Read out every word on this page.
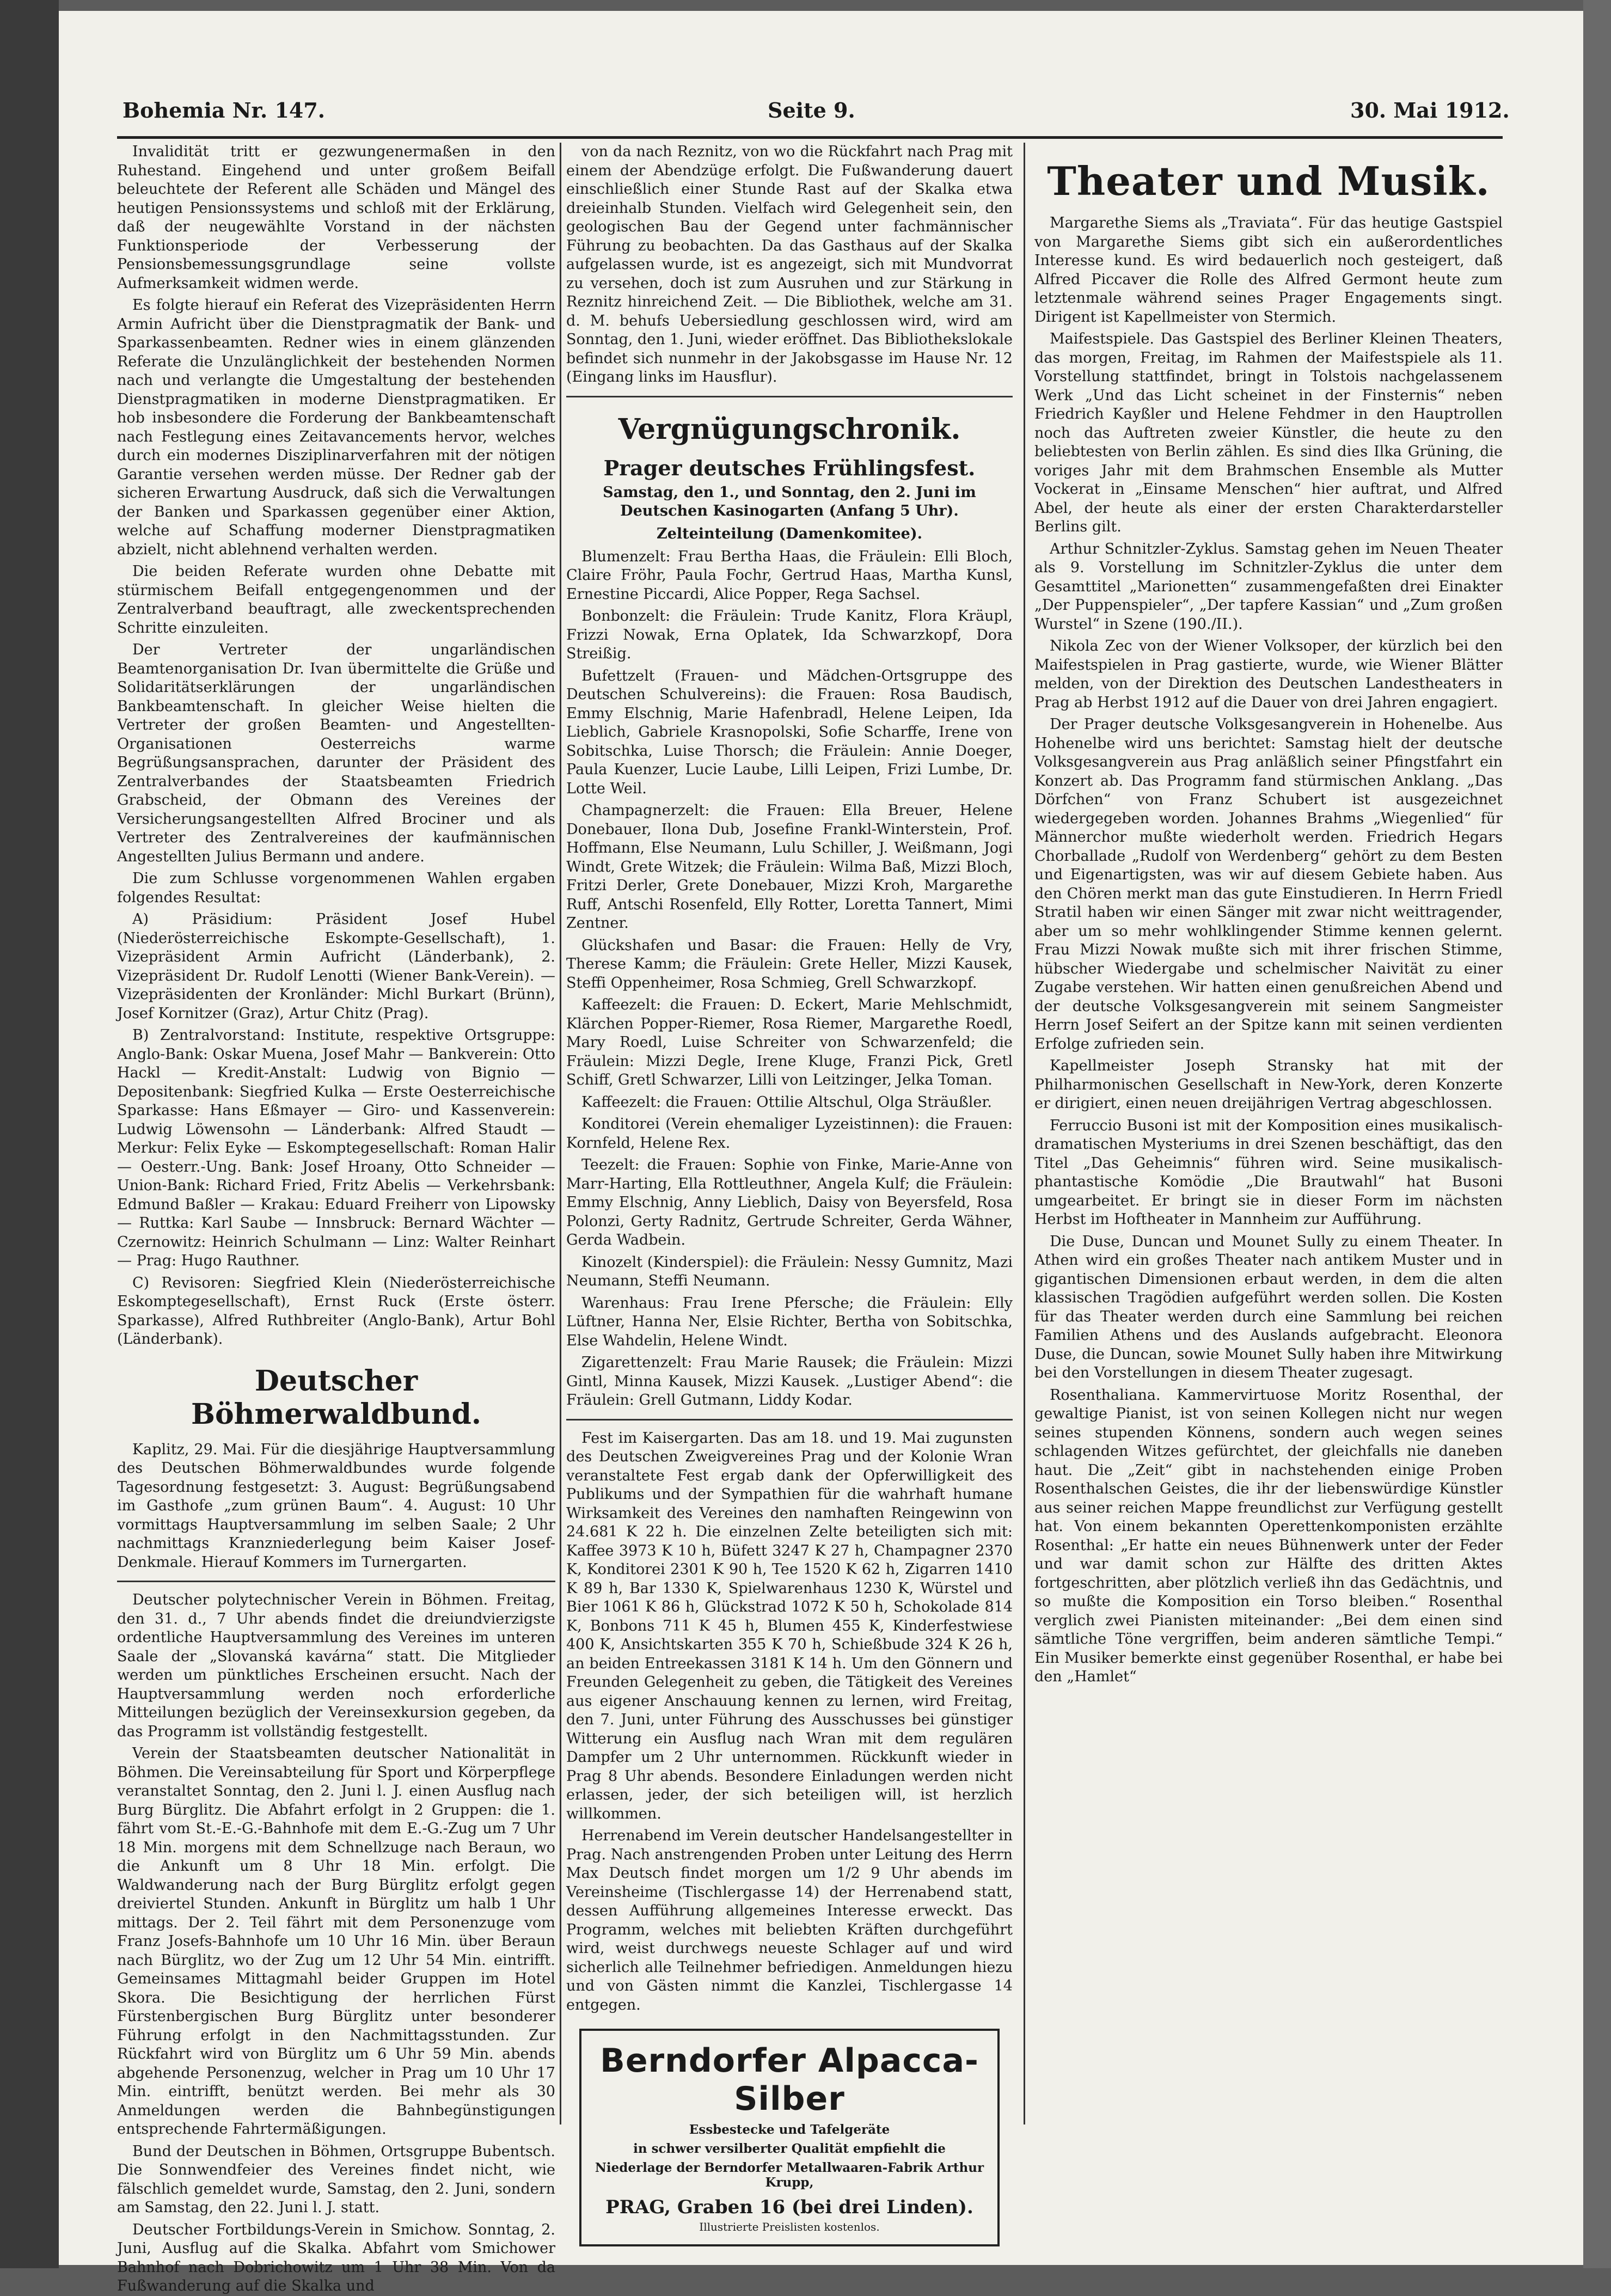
Bohemia Nr. 147.	Seite 9.	30. Mai 1912.

Invalidität tritt er gezwungenermaßen in den Ruhestand. Eingehend und unter großem Beifall beleuchtete der Referent alle Schäden und Mängel des heutigen Pensionssystems und schloß mit der Erklärung, daß der neugewählte Vorstand in der nächsten Funktionsperiode der Verbesserung der Pensionsbemessungsgrundlage seine vollste Aufmerksamkeit widmen werde.

Es folgte hierauf ein Referat des Vizepräsidenten Herrn Armin Aufricht über die Dienstpragmatik der Bank- und Sparkassenbeamten. Redner wies in einem glänzenden Referate die Unzulänglichkeit der bestehenden Normen nach und verlangte die Umgestaltung der bestehenden Dienstpragmatiken in moderne Dienstpragmatiken. Er hob insbesondere die Forderung der Bankbeamtenschaft nach Festlegung eines Zeitavancements hervor, welches durch ein modernes Disziplinarverfahren mit der nötigen Garantie versehen werden müsse. Der Redner gab der sicheren Erwartung Ausdruck, daß sich die Verwaltungen der Banken und Sparkassen gegenüber einer Aktion, welche auf Schaffung moderner Dienstpragmatiken abzielt, nicht ablehnend verhalten werden.

Die beiden Referate wurden ohne Debatte mit stürmischem Beifall entgegengenommen und der Zentralverband beauftragt, alle zweckentsprechenden Schritte einzuleiten.

Der Vertreter der ungarländischen Beamtenorganisation Dr. Ivan übermittelte die Grüße und Solidaritätserklärungen der ungarländischen Bankbeamtenschaft. In gleicher Weise hielten die Vertreter der großen Beamten- und Angestellten-Organisationen Oesterreichs warme Begrüßungsansprachen, darunter der Präsident des Zentralverbandes der Staatsbeamten Friedrich Grabscheid, der Obmann des Vereines der Versicherungsangestellten Alfred Brociner und als Vertreter des Zentralvereines der kaufmännischen Angestellten Julius Bermann und andere.

Die zum Schlusse vorgenommenen Wahlen ergaben folgendes Resultat:

A) Präsidium: Präsident Josef Hubel (Niederösterreichische Eskompte-Gesellschaft), 1. Vizepräsident Armin Aufricht (Länderbank), 2. Vizepräsident Dr. Rudolf Lenotti (Wiener Bank-Verein). — Vizepräsidenten der Kronländer: Michl Burkart (Brünn), Josef Kornitzer (Graz), Artur Chitz (Prag).

B) Zentralvorstand: Institute, respektive Ortsgruppe: Anglo-Bank: Oskar Muena, Josef Mahr — Bankverein: Otto Hackl — Kredit-Anstalt: Ludwig von Bignio — Depositenbank: Siegfried Kulka — Erste Oesterreichische Sparkasse: Hans Eßmayer — Giro- und Kassenverein: Ludwig Löwensohn — Länderbank: Alfred Staudt — Merkur: Felix Eyke — Eskomptegesellschaft: Roman Halir — Oesterr.-Ung. Bank: Josef Hroany, Otto Schneider — Union-Bank: Richard Fried, Fritz Abelis — Verkehrsbank: Edmund Baßler — Krakau: Eduard Freiherr von Lipowsky — Ruttka: Karl Saube — Innsbruck: Bernard Wächter — Czernowitz: Heinrich Schulmann — Linz: Walter Reinhart — Prag: Hugo Rauthner.

C) Revisoren: Siegfried Klein (Niederösterreichische Eskomptegesellschaft), Ernst Ruck (Erste österr. Sparkasse), Alfred Ruthbreiter (Anglo-Bank), Artur Bohl (Länderbank).

Deutscher Böhmerwaldbund.

Kaplitz, 29. Mai. Für die diesjährige Hauptversammlung des Deutschen Böhmerwaldbundes wurde folgende Tagesordnung festgesetzt: 3. August: Begrüßungsabend im Gasthofe „zum grünen Baum“. 4. August: 10 Uhr vormittags Hauptversammlung im selben Saale; 2 Uhr nachmittags Kranzniederlegung beim Kaiser Josef-Denkmale. Hierauf Kommers im Turnergarten.

Deutscher polytechnischer Verein in Böhmen. Freitag, den 31. d., 7 Uhr abends findet die dreiundvierzigste ordentliche Hauptversammlung des Vereines im unteren Saale der „Slovanská kavárna“ statt. Die Mitglieder werden um pünktliches Erscheinen ersucht. Nach der Hauptversammlung werden noch erforderliche Mitteilungen bezüglich der Vereinsexkursion gegeben, da das Programm ist vollständig festgestellt.

Verein der Staatsbeamten deutscher Nationalität in Böhmen. Die Vereinsabteilung für Sport und Körperpflege veranstaltet Sonntag, den 2. Juni l. J. einen Ausflug nach Burg Bürglitz. Die Abfahrt erfolgt in 2 Gruppen: die 1. fährt vom St.-E.-G.-Bahnhofe mit dem E.-G.-Zug um 7 Uhr 18 Min. morgens mit dem Schnellzuge nach Beraun, wo die Ankunft um 8 Uhr 18 Min. erfolgt. Die Waldwanderung nach der Burg Bürglitz erfolgt gegen dreiviertel Stunden. Ankunft in Bürglitz um halb 1 Uhr mittags. Der 2. Teil fährt mit dem Personenzuge vom Franz Josefs-Bahnhofe um 10 Uhr 16 Min. über Beraun nach Bürglitz, wo der Zug um 12 Uhr 54 Min. eintrifft. Gemeinsames Mittagmahl beider Gruppen im Hotel Skora. Die Besichtigung der herrlichen Fürst Fürstenbergischen Burg Bürglitz unter besonderer Führung erfolgt in den Nachmittagsstunden. Zur Rückfahrt wird von Bürglitz um 6 Uhr 59 Min. abends abgehende Personenzug, welcher in Prag um 10 Uhr 17 Min. eintrifft, benützt werden. Bei mehr als 30 Anmeldungen werden die Bahnbegünstigungen entsprechende Fahrtermäßigungen.

Bund der Deutschen in Böhmen, Ortsgruppe Bubentsch. Die Sonnwendfeier des Vereines findet nicht, wie fälschlich gemeldet wurde, Samstag, den 2. Juni, sondern am Samstag, den 22. Juni l. J. statt.

Deutscher Fortbildungs-Verein in Smichow. Sonntag, 2. Juni, Ausflug auf die Skalka. Abfahrt vom Smichower Bahnhof nach Dobrichowitz um 1 Uhr 38 Min. Von da Fußwanderung auf die Skalka und

von da nach Reznitz, von wo die Rückfahrt nach Prag mit einem der Abendzüge erfolgt. Die Fußwanderung dauert einschließlich einer Stunde Rast auf der Skalka etwa dreieinhalb Stunden. Vielfach wird Gelegenheit sein, den geologischen Bau der Gegend unter fachmännischer Führung zu beobachten. Da das Gasthaus auf der Skalka aufgelassen wurde, ist es angezeigt, sich mit Mundvorrat zu versehen, doch ist zum Ausruhen und zur Stärkung in Reznitz hinreichend Zeit. — Die Bibliothek, welche am 31. d. M. behufs Uebersiedlung geschlossen wird, wird am Sonntag, den 1. Juni, wieder eröffnet. Das Bibliothekslokale befindet sich nunmehr in der Jakobsgasse im Hause Nr. 12 (Eingang links im Hausflur).

Vergnügungschronik.
Prager deutsches Frühlingsfest.
Samstag, den 1., und Sonntag, den 2. Juni im Deutschen Kasinogarten (Anfang 5 Uhr).
Zelteinteilung (Damenkomitee).

Blumenzelt: Frau Bertha Haas, die Fräulein: Elli Bloch, Claire Fröhr, Paula Fochr, Gertrud Haas, Martha Kunsl, Ernestine Piccardi, Alice Popper, Rega Sachsel.

Bonbonzelt: die Fräulein: Trude Kanitz, Flora Kräupl, Frizzi Nowak, Erna Oplatek, Ida Schwarzkopf, Dora Streißig.

Bufettzelt (Frauen- und Mädchen-Ortsgruppe des Deutschen Schulvereins): die Frauen: Rosa Baudisch, Emmy Elschnig, Marie Hafenbradl, Helene Leipen, Ida Lieblich, Gabriele Krasnopolski, Sofie Scharffe, Irene von Sobitschka, Luise Thorsch; die Fräulein: Annie Doeger, Paula Kuenzer, Lucie Laube, Lilli Leipen, Frizi Lumbe, Dr. Lotte Weil.

Champagnerzelt: die Frauen: Ella Breuer, Helene Donebauer, Ilona Dub, Josefine Frankl-Winterstein, Prof. Hoffmann, Else Neumann, Lulu Schiller, J. Weißmann, Jogi Windt, Grete Witzek; die Fräulein: Wilma Baß, Mizzi Bloch, Fritzi Derler, Grete Donebauer, Mizzi Kroh, Margarethe Ruff, Antschi Rosenfeld, Elly Rotter, Loretta Tannert, Mimi Zentner.

Glückshafen und Basar: die Frauen: Helly de Vry, Therese Kamm; die Fräulein: Grete Heller, Mizzi Kausek, Steffi Oppenheimer, Rosa Schmieg, Grell Schwarzkopf.

Kaffeezelt: die Frauen: D. Eckert, Marie Mehlschmidt, Klärchen Popper-Riemer, Rosa Riemer, Margarethe Roedl, Mary Roedl, Luise Schreiter von Schwarzenfeld; die Fräulein: Mizzi Degle, Irene Kluge, Franzi Pick, Gretl Schiff, Gretl Schwarzer, Lilli von Leitzinger, Jelka Toman.

Kaffeezelt: die Frauen: Ottilie Altschul, Olga Sträußler.

Konditorei (Verein ehemaliger Lyzeistinnen): die Frauen: Kornfeld, Helene Rex.

Teezelt: die Frauen: Sophie von Finke, Marie-Anne von Marr-Harting, Ella Rottleuthner, Angela Kulf; die Fräulein: Emmy Elschnig, Anny Lieblich, Daisy von Beyersfeld, Rosa Polonzi, Gerty Radnitz, Gertrude Schreiter, Gerda Wähner, Gerda Wadbein.

Kinozelt (Kinderspiel): die Fräulein: Nessy Gumnitz, Mazi Neumann, Steffi Neumann.

Warenhaus: Frau Irene Pfersche; die Fräulein: Elly Lüftner, Hanna Ner, Elsie Richter, Bertha von Sobitschka, Else Wahdelin, Helene Windt.

Zigarettenzelt: Frau Marie Rausek; die Fräulein: Mizzi Gintl, Minna Kausek, Mizzi Kausek. „Lustiger Abend“: die Fräulein: Grell Gutmann, Liddy Kodar.

Fest im Kaisergarten. Das am 18. und 19. Mai zugunsten des Deutschen Zweigvereines Prag und der Kolonie Wran veranstaltete Fest ergab dank der Opferwilligkeit des Publikums und der Sympathien für die wahrhaft humane Wirksamkeit des Vereines den namhaften Reingewinn von 24.681 K 22 h. Die einzelnen Zelte beteiligten sich mit: Kaffee 3973 K 10 h, Büfett 3247 K 27 h, Champagner 2370 K, Konditorei 2301 K 90 h, Tee 1520 K 62 h, Zigarren 1410 K 89 h, Bar 1330 K, Spielwarenhaus 1230 K, Würstel und Bier 1061 K 86 h, Glückstrad 1072 K 50 h, Schokolade 814 K, Bonbons 711 K 45 h, Blumen 455 K, Kinderfestwiese 400 K, Ansichtskarten 355 K 70 h, Schießbude 324 K 26 h, an beiden Entreekassen 3181 K 14 h. Um den Gönnern und Freunden Gelegenheit zu geben, die Tätigkeit des Vereines aus eigener Anschauung kennen zu lernen, wird Freitag, den 7. Juni, unter Führung des Ausschusses bei günstiger Witterung ein Ausflug nach Wran mit dem regulären Dampfer um 2 Uhr unternommen. Rückkunft wieder in Prag 8 Uhr abends. Besondere Einladungen werden nicht erlassen, jeder, der sich beteiligen will, ist herzlich willkommen.

Herrenabend im Verein deutscher Handelsangestellter in Prag. Nach anstrengenden Proben unter Leitung des Herrn Max Deutsch findet morgen um 1/2 9 Uhr abends im Vereinsheime (Tischlergasse 14) der Herrenabend statt, dessen Aufführung allgemeines Interesse erweckt. Das Programm, welches mit beliebten Kräften durchgeführt wird, weist durchwegs neueste Schlager auf und wird sicherlich alle Teilnehmer befriedigen. Anmeldungen hiezu und von Gästen nimmt die Kanzlei, Tischlergasse 14 entgegen.

Berndorfer Alpacca-Silber
Essbestecke und Tafelgeräte
in schwer versilberter Qualität empfiehlt die
Niederlage der Berndorfer Metallwaaren-Fabrik Arthur Krupp,
PRAG, Graben 16 (bei drei Linden).
Illustrierte Preislisten kostenlos.
Theater und Musik.

Margarethe Siems als „Traviata“. Für das heutige Gastspiel von Margarethe Siems gibt sich ein außerordentliches Interesse kund. Es wird bedauerlich noch gesteigert, daß Alfred Piccaver die Rolle des Alfred Germont heute zum letztenmale während seines Prager Engagements singt. Dirigent ist Kapellmeister von Stermich.

Maifestspiele. Das Gastspiel des Berliner Kleinen Theaters, das morgen, Freitag, im Rahmen der Maifestspiele als 11. Vorstellung stattfindet, bringt in Tolstois nachgelassenem Werk „Und das Licht scheinet in der Finsternis“ neben Friedrich Kayßler und Helene Fehdmer in den Hauptrollen noch das Auftreten zweier Künstler, die heute zu den beliebtesten von Berlin zählen. Es sind dies Ilka Grüning, die voriges Jahr mit dem Brahmschen Ensemble als Mutter Vockerat in „Einsame Menschen“ hier auftrat, und Alfred Abel, der heute als einer der ersten Charakterdarsteller Berlins gilt.

Arthur Schnitzler-Zyklus. Samstag gehen im Neuen Theater als 9. Vorstellung im Schnitzler-Zyklus die unter dem Gesamttitel „Marionetten“ zusammengefaßten drei Einakter „Der Puppenspieler“, „Der tapfere Kassian“ und „Zum großen Wurstel“ in Szene (190./II.).

Nikola Zec von der Wiener Volksoper, der kürzlich bei den Maifestspielen in Prag gastierte, wurde, wie Wiener Blätter melden, von der Direktion des Deutschen Landestheaters in Prag ab Herbst 1912 auf die Dauer von drei Jahren engagiert.

Der Prager deutsche Volksgesangverein in Hohenelbe. Aus Hohenelbe wird uns berichtet: Samstag hielt der deutsche Volksgesangverein aus Prag anläßlich seiner Pfingstfahrt ein Konzert ab. Das Programm fand stürmischen Anklang. „Das Dörfchen“ von Franz Schubert ist ausgezeichnet wiedergegeben worden. Johannes Brahms „Wiegenlied“ für Männerchor mußte wiederholt werden. Friedrich Hegars Chorballade „Rudolf von Werdenberg“ gehört zu dem Besten und Eigenartigsten, was wir auf diesem Gebiete haben. Aus den Chören merkt man das gute Einstudieren. In Herrn Friedl Stratil haben wir einen Sänger mit zwar nicht weittragender, aber um so mehr wohlklingender Stimme kennen gelernt. Frau Mizzi Nowak mußte sich mit ihrer frischen Stimme, hübscher Wiedergabe und schelmischer Naivität zu einer Zugabe verstehen. Wir hatten einen genußreichen Abend und der deutsche Volksgesangverein mit seinem Sangmeister Herrn Josef Seifert an der Spitze kann mit seinen verdienten Erfolge zufrieden sein.

Kapellmeister Joseph Stransky hat mit der Philharmonischen Gesellschaft in New-York, deren Konzerte er dirigiert, einen neuen dreijährigen Vertrag abgeschlossen.

Ferruccio Busoni ist mit der Komposition eines musikalisch-dramatischen Mysteriums in drei Szenen beschäftigt, das den Titel „Das Geheimnis“ führen wird. Seine musikalisch-phantastische Komödie „Die Brautwahl“ hat Busoni umgearbeitet. Er bringt sie in dieser Form im nächsten Herbst im Hoftheater in Mannheim zur Aufführung.

Die Duse, Duncan und Mounet Sully zu einem Theater. In Athen wird ein großes Theater nach antikem Muster und in gigantischen Dimensionen erbaut werden, in dem die alten klassischen Tragödien aufgeführt werden sollen. Die Kosten für das Theater werden durch eine Sammlung bei reichen Familien Athens und des Auslands aufgebracht. Eleonora Duse, die Duncan, sowie Mounet Sully haben ihre Mitwirkung bei den Vorstellungen in diesem Theater zugesagt.

Rosenthaliana. Kammervirtuose Moritz Rosenthal, der gewaltige Pianist, ist von seinen Kollegen nicht nur wegen seines stupenden Könnens, sondern auch wegen seines schlagenden Witzes gefürchtet, der gleichfalls nie daneben haut. Die „Zeit“ gibt in nachstehenden einige Proben Rosenthalschen Geistes, die ihr der liebenswürdige Künstler aus seiner reichen Mappe freundlichst zur Verfügung gestellt hat. Von einem bekannten Operettenkomponisten erzählte Rosenthal: „Er hatte ein neues Bühnenwerk unter der Feder und war damit schon zur Hälfte des dritten Aktes fortgeschritten, aber plötzlich verließ ihn das Gedächtnis, und so mußte die Komposition ein Torso bleiben.“ Rosenthal verglich zwei Pianisten miteinander: „Bei dem einen sind sämtliche Töne vergriffen, beim anderen sämtliche Tempi.“ Ein Musiker bemerkte einst gegenüber Rosenthal, er habe bei den „Hamlet“
